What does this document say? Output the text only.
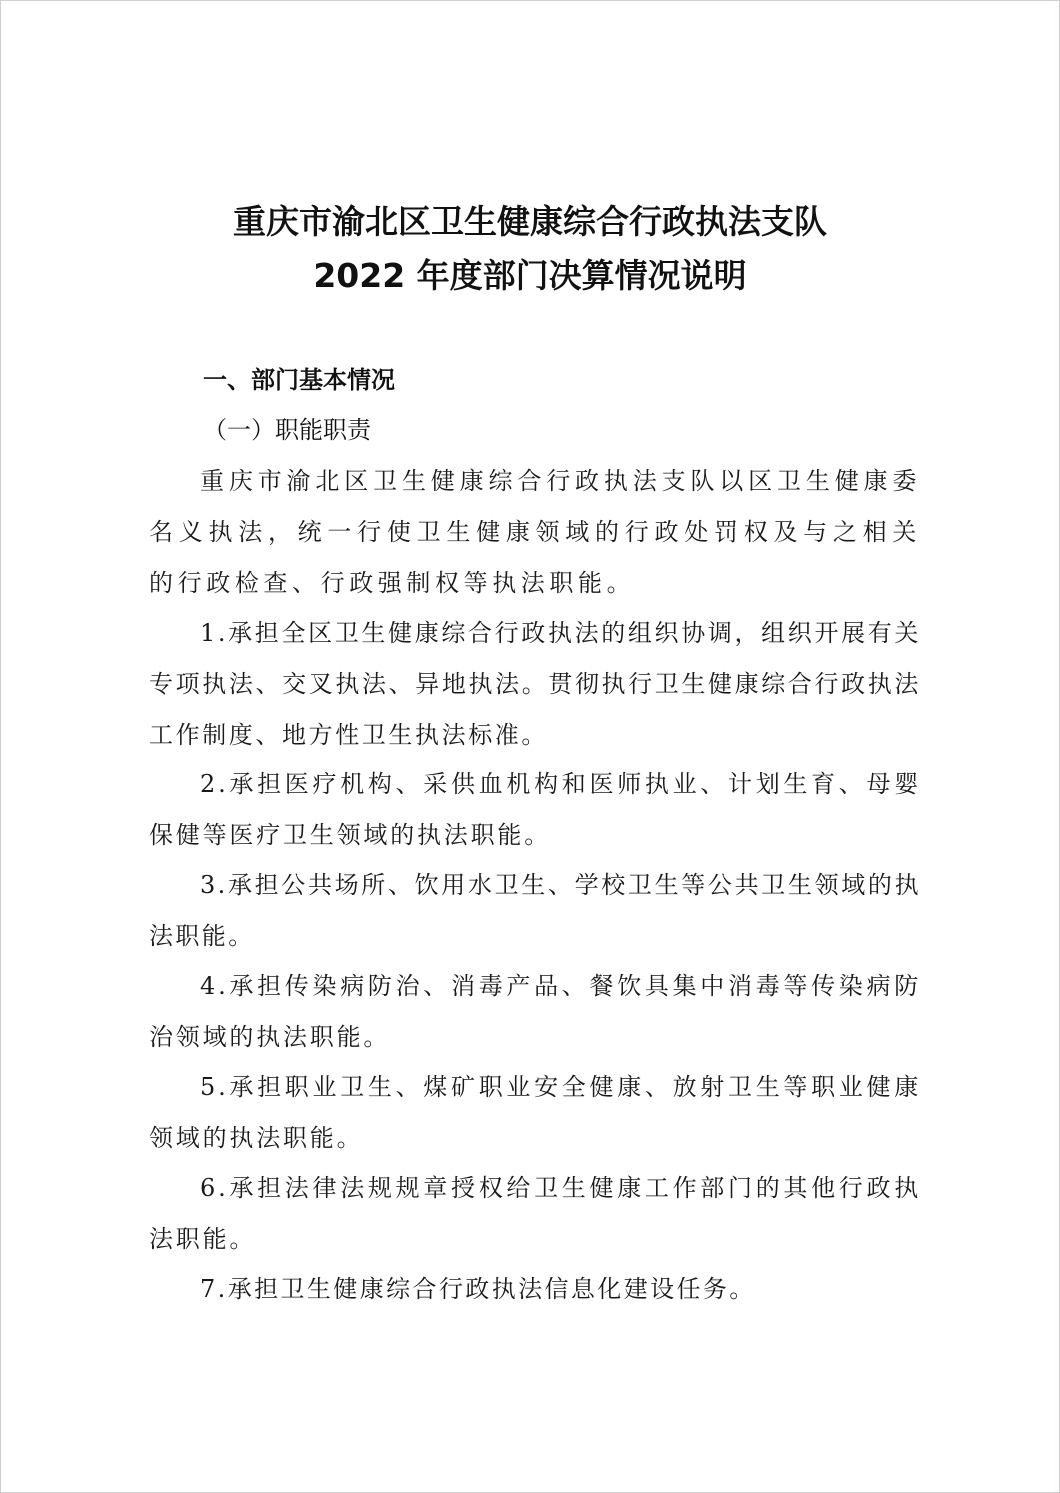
重庆市渝北区卫生健康综合行政执法支队
2022 年度部门决算情况说明
一、部门基本情况
（一）职能职责

重庆市渝北区卫生健康综合行政执法支队以区卫生健康委名义执法，统一行使卫生健康领域的行政处罚权及与之相关的行政检查、行政强制权等执法职能。

1.承担全区卫生健康综合行政执法的组织协调，组织开展有关专项执法、交叉执法、异地执法。贯彻执行卫生健康综合行政执法工作制度、地方性卫生执法标准。

2.承担医疗机构、采供血机构和医师执业、计划生育、母婴保健等医疗卫生领域的执法职能。

3.承担公共场所、饮用水卫生、学校卫生等公共卫生领域的执法职能。

4.承担传染病防治、消毒产品、餐饮具集中消毒等传染病防治领域的执法职能。

5.承担职业卫生、煤矿职业安全健康、放射卫生等职业健康领域的执法职能。

6.承担法律法规规章授权给卫生健康工作部门的其他行政执法职能。

7.承担卫生健康综合行政执法信息化建设任务。
